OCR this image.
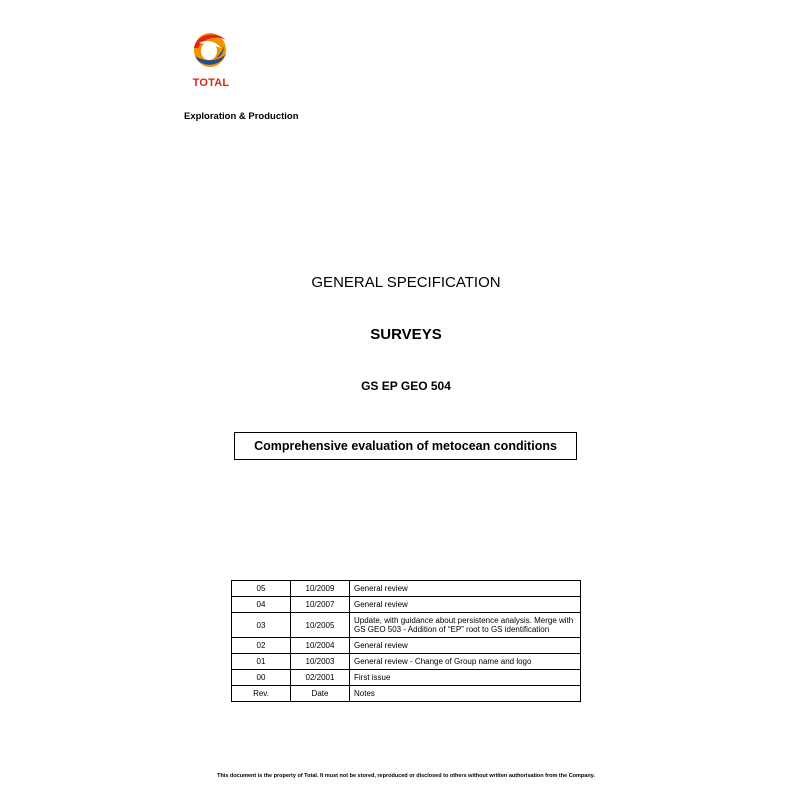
TOTAL
Exploration & Production
GENERAL SPECIFICATION
SURVEYS
GS EP GEO 504
Comprehensive evaluation of metocean conditions
05	10/2009	General review
04	10/2007	General review
03	10/2005	Update, with guidance about persistence analysis. Merge with GS GEO 503 - Addition of “EP” root to GS identification
02	10/2004	General review
01	10/2003	General review - Change of Group name and logo
00	02/2001	First issue
Rev.	Date	Notes
This document is the property of Total. It must not be stored, reproduced or disclosed to others without written authorisation from the Company.
